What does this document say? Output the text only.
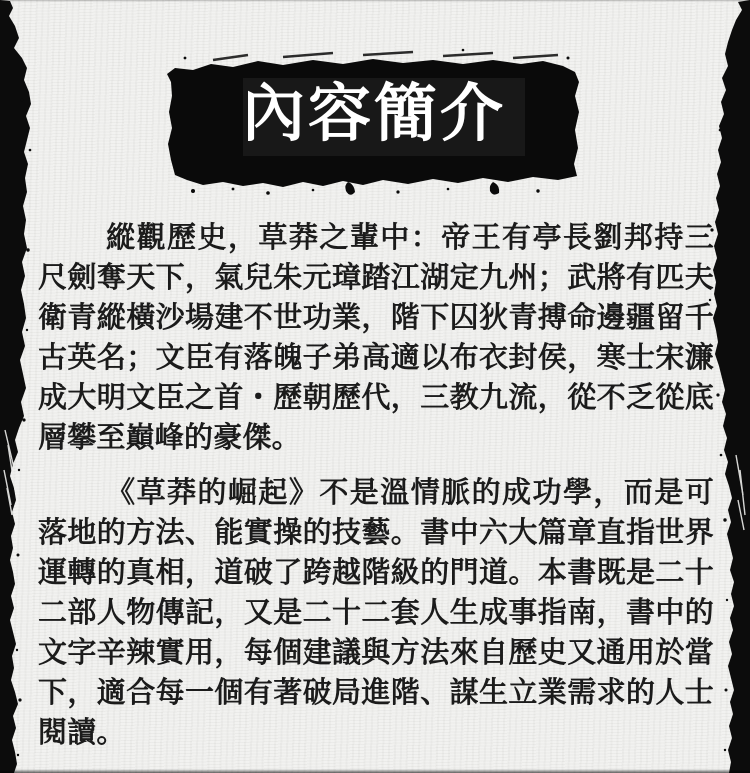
內容簡介

縱觀歷史，草莽之輩中：帝王有亭長劉邦持三尺劍奪天下，氣兒朱元璋踏江湖定九州；武將有匹夫衛青縱橫沙場建不世功業，階下囚狄青搏命邊疆留千古英名；文臣有落魄子弟高適以布衣封侯，寒士宋濂成大明文臣之首・歷朝歷代，三教九流，從不乏從底層攀至巔峰的豪傑。

《草莽的崛起》不是溫情脈的成功學，而是可落地的方法、能實操的技藝。書中六大篇章直指世界運轉的真相，道破了跨越階級的門道。本書既是二十二部人物傳記，又是二十二套人生成事指南，書中的文字辛辣實用，每個建議與方法來自歷史又通用於當下，適合每一個有著破局進階、謀生立業需求的人士閱讀。
